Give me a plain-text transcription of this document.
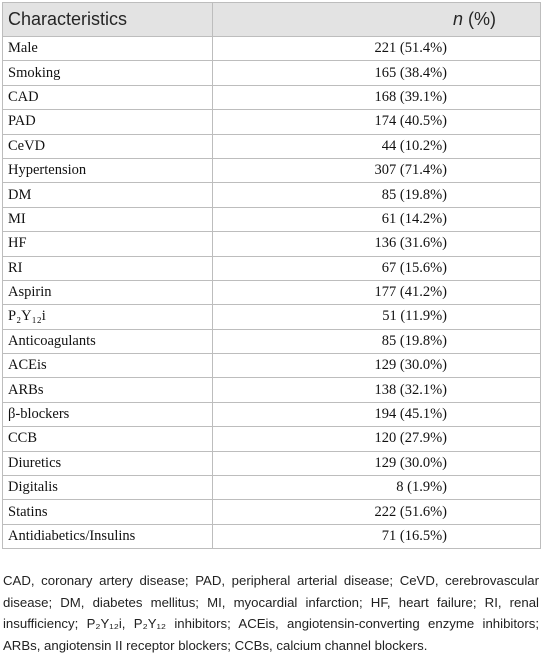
Characteristics	n (%)
Male	221 (51.4%)
Smoking	165 (38.4%)
CAD	168 (39.1%)
PAD	174 (40.5%)
CeVD	44 (10.2%)
Hypertension	307 (71.4%)
DM	85 (19.8%)
MI	61 (14.2%)
HF	136 (31.6%)
RI	67 (15.6%)
Aspirin	177 (41.2%)
P₂Y₁₂i	51 (11.9%)
Anticoagulants	85 (19.8%)
ACEis	129 (30.0%)
ARBs	138 (32.1%)
β-blockers	194 (45.1%)
CCB	120 (27.9%)
Diuretics	129 (30.0%)
Digitalis	8 (1.9%)
Statins	222 (51.6%)
Antidiabetics/Insulins	71 (16.5%)
CAD, coronary artery disease; PAD, peripheral arterial disease; CeVD, cerebrovascular disease; DM, diabetes mellitus; MI, myocardial infarction; HF, heart failure; RI, renal insufficiency; P₂Y₁₂i, P₂Y₁₂ inhibitors; ACEis, angiotensin-converting enzyme inhibitors; ARBs, angiotensin II receptor blockers; CCBs, calcium channel blockers.
